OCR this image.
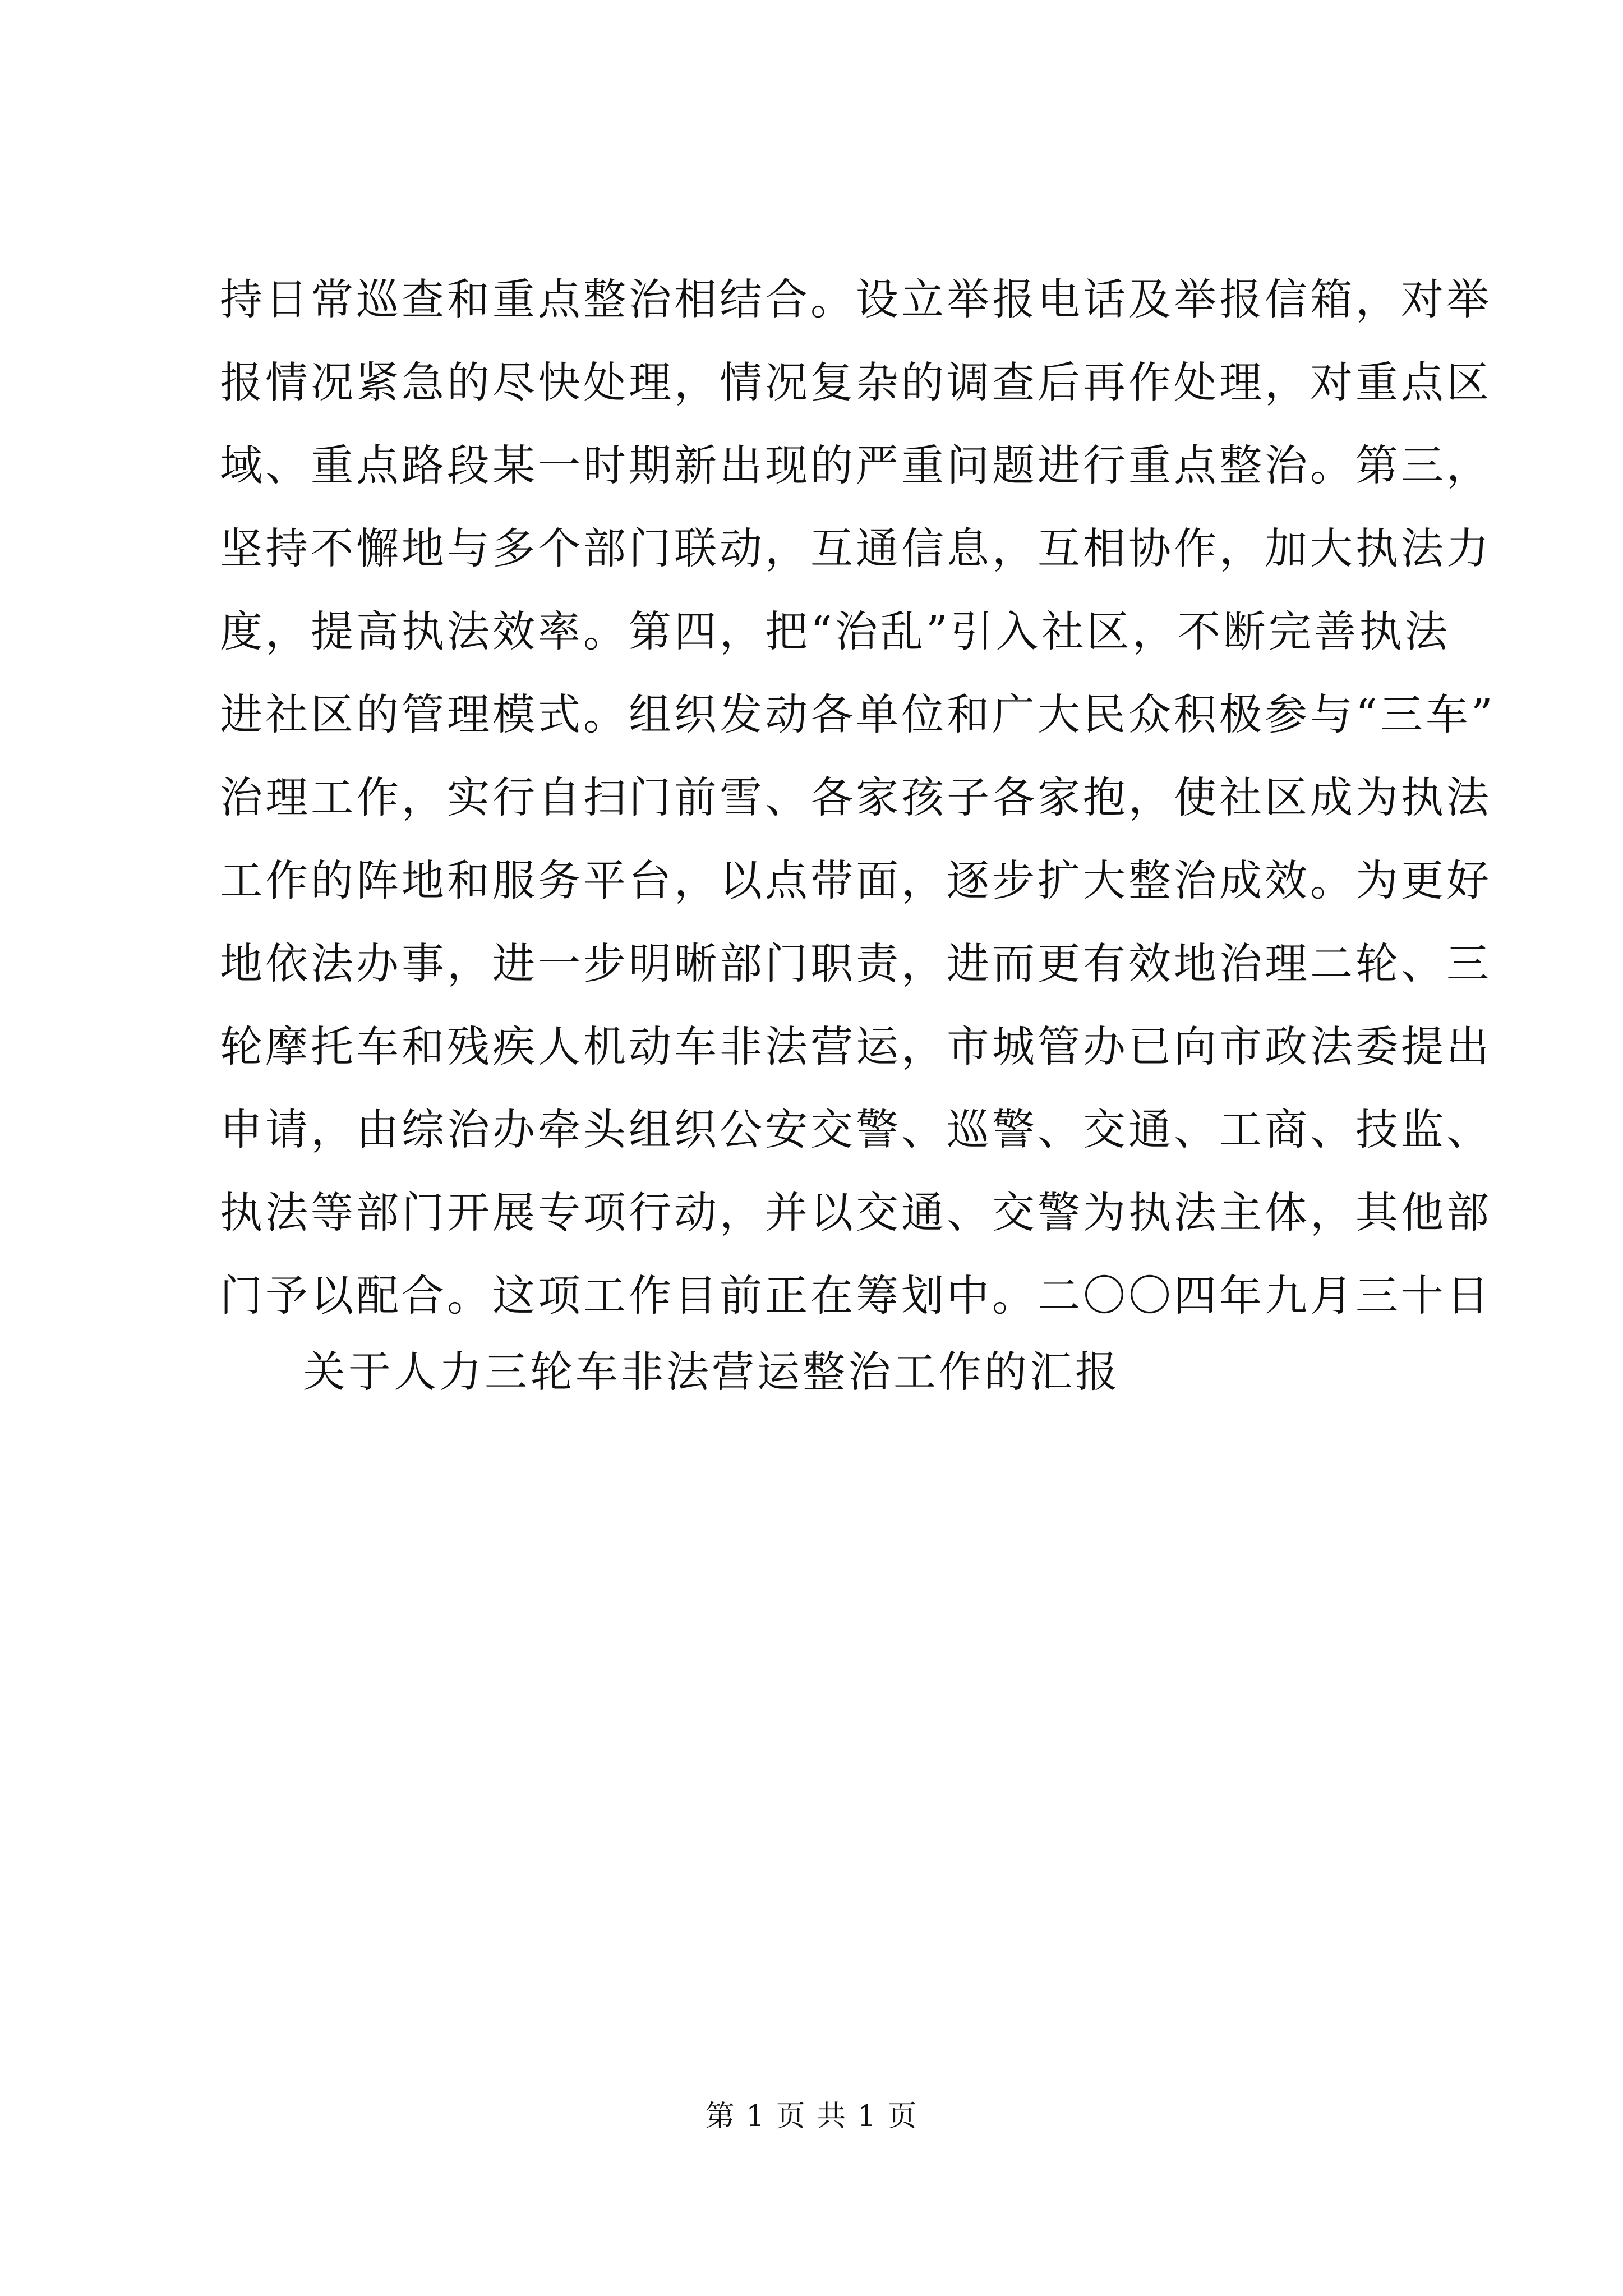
持日常巡查和重点整治相结合。设立举报电话及举报信箱，对举
报情况紧急的尽快处理，情况复杂的调查后再作处理，对重点区
域、重点路段某一时期新出现的严重问题进行重点整治。第三，
坚持不懈地与多个部门联动，互通信息，互相协作，加大执法力
度，提高执法效率。第四，把“治乱”引入社区，不断完善执法
进社区的管理模式。组织发动各单位和广大民众积极参与“三车”
治理工作，实行自扫门前雪、各家孩子各家抱，使社区成为执法
工作的阵地和服务平台，以点带面，逐步扩大整治成效。为更好
地依法办事，进一步明晰部门职责，进而更有效地治理二轮、三
轮摩托车和残疾人机动车非法营运，市城管办已向市政法委提出
申请，由综治办牵头组织公安交警、巡警、交通、工商、技监、
执法等部门开展专项行动，并以交通、交警为执法主体，其他部
门予以配合。这项工作目前正在筹划中。二〇〇四年九月三十日
关于人力三轮车非法营运整治工作的汇报
第 1 页 共 1 页
